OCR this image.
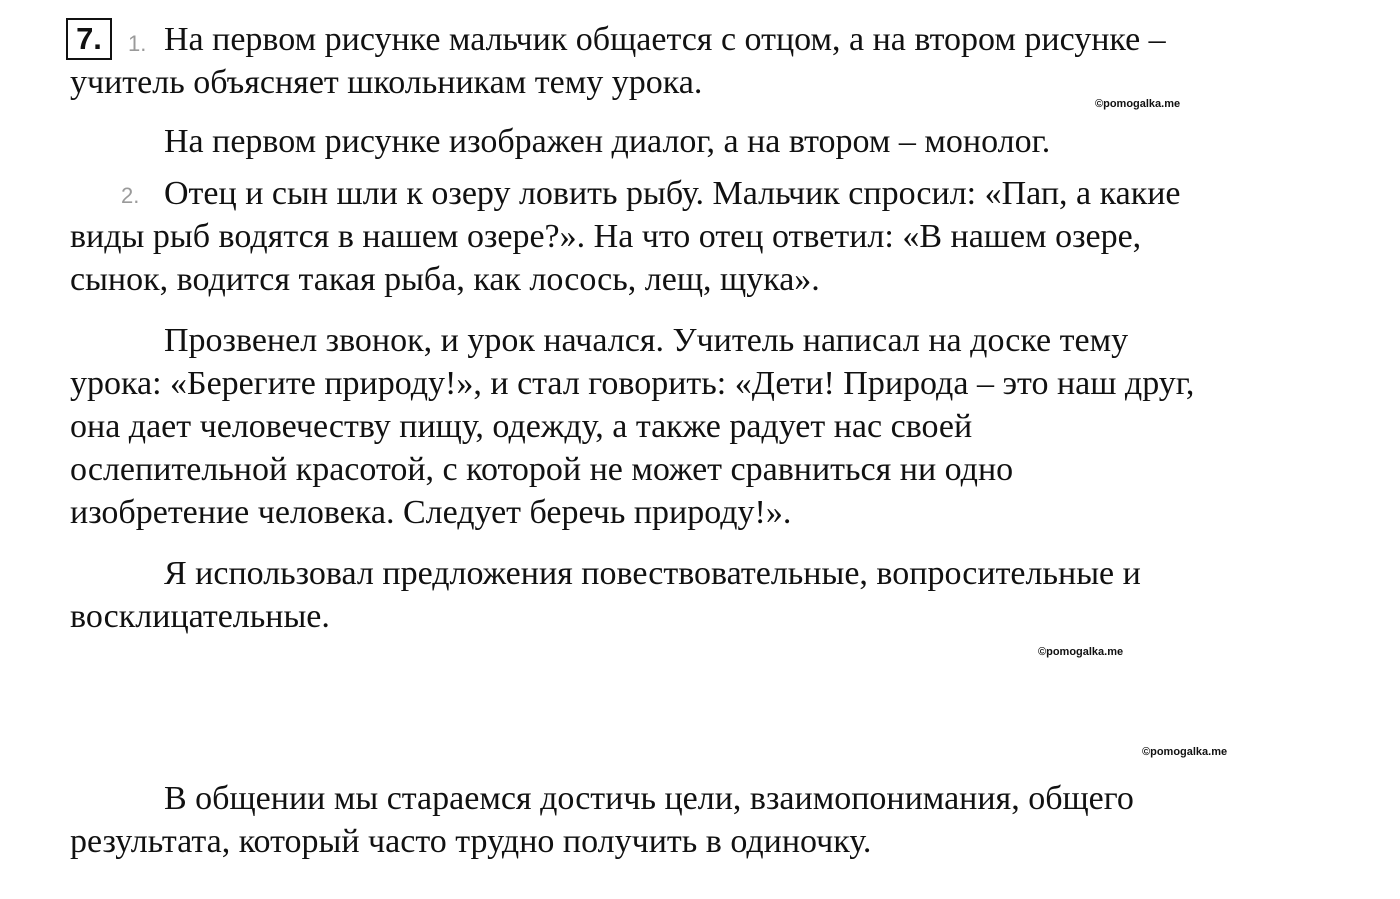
7.	1.
2.
На первом рисунке мальчик общается с отцом, а на втором рисунке –
учитель объясняет школьникам тему урока.
©pomogalka.me
На первом рисунке изображен диалог, а на втором – монолог.
Отец и сын шли к озеру ловить рыбу. Мальчик спросил: «Пап, а какие
виды рыб водятся в нашем озере?». На что отец ответил: «В нашем озере,
сынок, водится такая рыба, как лосось, лещ, щука».
Прозвенел звонок, и урок начался. Учитель написал на доске тему
урока: «Берегите природу!», и стал говорить: «Дети! Природа – это наш друг,
она дает человечеству пищу, одежду, а также радует нас своей
ослепительной красотой, с которой не может сравниться ни одно
изобретение человека. Следует беречь природу!».
Я использовал предложения повествовательные, вопросительные и
восклицательные.
©pomogalka.me
©pomogalka.me
В общении мы стараемся достичь цели, взаимопонимания, общего
результата, который часто трудно получить в одиночку.
